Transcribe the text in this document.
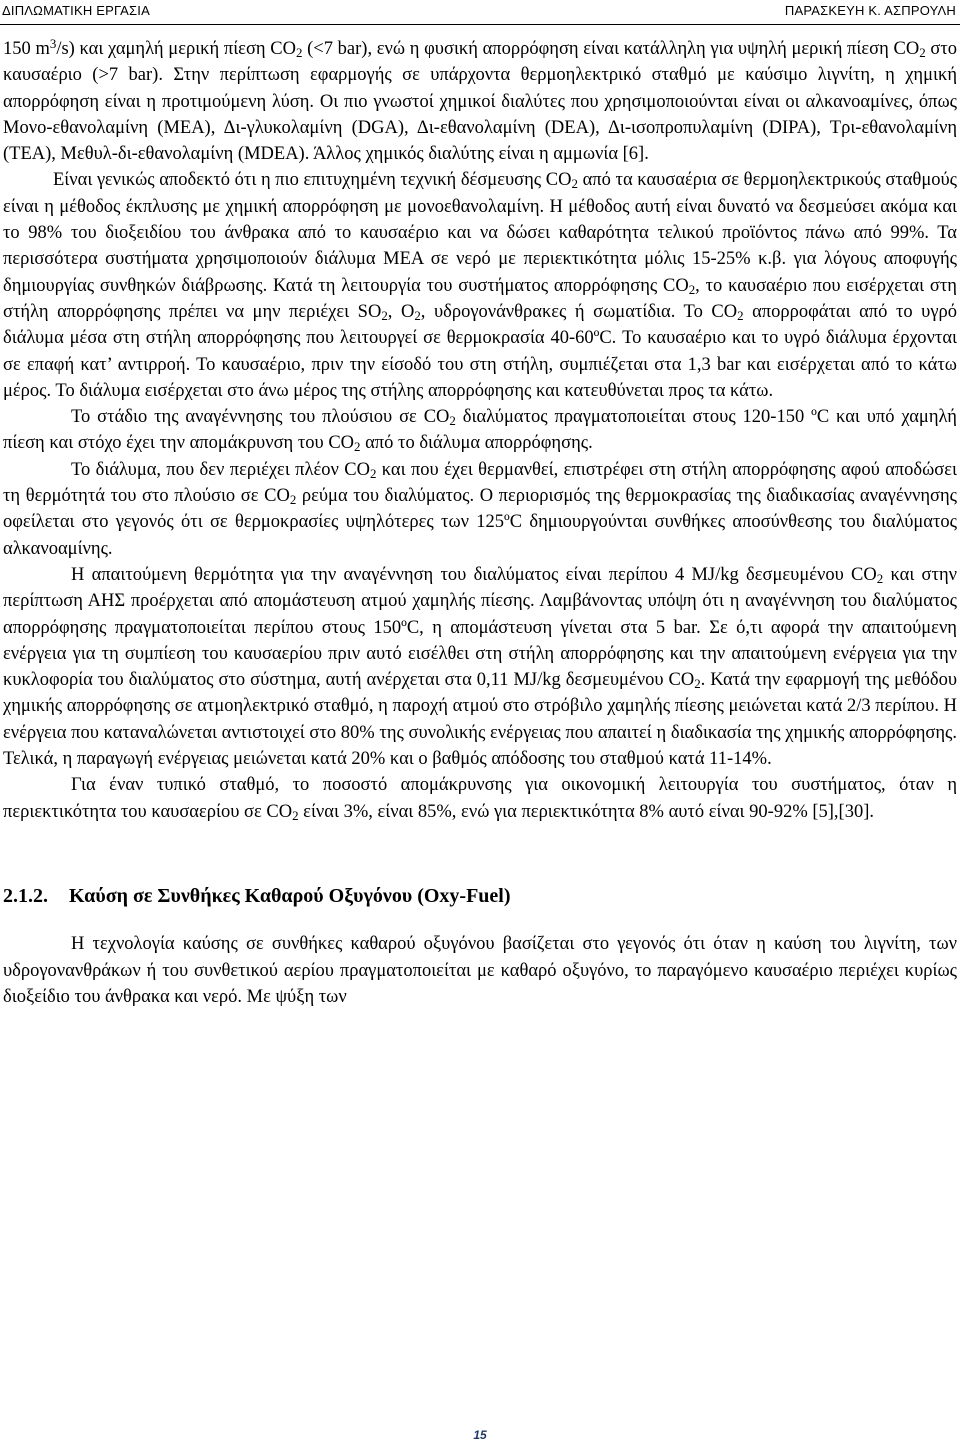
ΔΙΠΛΩΜΑΤΙΚΗ ΕΡΓΑΣΙΑ	ΠΑΡΑΣΚΕΥΗ Κ. ΑΣΠΡΟΥΛΗ

150 $m^3/s$) και χαμηλή μερική πίεση $CO_2$ (<7 bar), ενώ η φυσική απορρόφηση είναι κατάλληλη για υψηλή μερική πίεση $CO_2$ στο καυσαέριο (>7 bar). Στην περίπτωση εφαρμογής σε υπάρχοντα θερμοηλεκτρικό σταθμό με καύσιμο λιγνίτη, η χημική απορρόφηση είναι η προτιμούμενη λύση. Οι πιο γνωστοί χημικοί διαλύτες που χρησιμοποιούνται είναι οι αλκανοαμίνες, όπως Μονο-εθανολαμίνη (ΜΕΑ), Δι-γλυκολαμίνη (DGA), Δι-εθανολαμίνη (DEA), Δι-ισοπροπυλαμίνη (DIPA), Τρι-εθανολαμίνη (TEA), Μεθυλ-δι-εθανολαμίνη (MDEA). Άλλος χημικός διαλύτης είναι η αμμωνία [6].

Είναι γενικώς αποδεκτό ότι η πιο επιτυχημένη τεχνική δέσμευσης $CO_2$ από τα καυσαέρια σε θερμοηλεκτρικούς σταθμούς είναι η μέθοδος έκπλυσης με χημική απορρόφηση με μονοεθανολαμίνη. Η μέθοδος αυτή είναι δυνατό να δεσμεύσει ακόμα και το 98% του διοξειδίου του άνθρακα από το καυσαέριο και να δώσει καθαρότητα τελικού προϊόντος πάνω από 99%. Τα περισσότερα συστήματα χρησιμοποιούν διάλυμα ΜΕΑ σε νερό με περιεκτικότητα μόλις 15-25% κ.β. για λόγους αποφυγής δημιουργίας συνθηκών διάβρωσης. Κατά τη λειτουργία του συστήματος απορρόφησης $CO_2$, το καυσαέριο που εισέρχεται στη στήλη απορρόφησης πρέπει να μην περιέχει $SO_2$, $O_2$, υδρογονάνθρακες ή σωματίδια. Το $CO_2$ απορροφάται από το υγρό διάλυμα μέσα στη στήλη απορρόφησης που λειτουργεί σε θερμοκρασία 40-60ºC. Το καυσαέριο και το υγρό διάλυμα έρχονται σε επαφή κατ’ αντιρροή. Το καυσαέριο, πριν την είσοδό του στη στήλη, συμπιέζεται στα 1,3 bar και εισέρχεται από το κάτω μέρος. Το διάλυμα εισέρχεται στο άνω μέρος της στήλης απορρόφησης και κατευθύνεται προς τα κάτω.

Το στάδιο της αναγέννησης του πλούσιου σε $CO_2$ διαλύματος πραγματοποιείται στους 120-150 ºC και υπό χαμηλή πίεση και στόχο έχει την απομάκρυνση του $CO_2$ από το διάλυμα απορρόφησης.

Το διάλυμα, που δεν περιέχει πλέον $CO_2$ και που έχει θερμανθεί, επιστρέφει στη στήλη απορρόφησης αφού αποδώσει τη θερμότητά του στο πλούσιο σε $CO_2$ ρεύμα του διαλύματος. Ο περιορισμός της θερμοκρασίας της διαδικασίας αναγέννησης οφείλεται στο γεγονός ότι σε θερμοκρασίες υψηλότερες των 125ºC δημιουργούνται συνθήκες αποσύνθεσης του διαλύματος αλκανοαμίνης.

Η απαιτούμενη θερμότητα για την αναγέννηση του διαλύματος είναι περίπου 4 MJ/kg δεσμευμένου $CO_2$ και στην περίπτωση ΑΗΣ προέρχεται από απομάστευση ατμού χαμηλής πίεσης. Λαμβάνοντας υπόψη ότι η αναγέννηση του διαλύματος απορρόφησης πραγματοποιείται περίπου στους 150ºC, η απομάστευση γίνεται στα 5 bar. Σε ό,τι αφορά την απαιτούμενη ενέργεια για τη συμπίεση του καυσαερίου πριν αυτό εισέλθει στη στήλη απορρόφησης και την απαιτούμενη ενέργεια για την κυκλοφορία του διαλύματος στο σύστημα, αυτή ανέρχεται στα 0,11 MJ/kg δεσμευμένου $CO_2$. Κατά την εφαρμογή της μεθόδου χημικής απορρόφησης σε ατμοηλεκτρικό σταθμό, η παροχή ατμού στο στρόβιλο χαμηλής πίεσης μειώνεται κατά 2/3 περίπου. Η ενέργεια που καταναλώνεται αντιστοιχεί στο 80% της συνολικής ενέργειας που απαιτεί η διαδικασία της χημικής απορρόφησης. Τελικά, η παραγωγή ενέργειας μειώνεται κατά 20% και ο βαθμός απόδοσης του σταθμού κατά 11-14%.

Για έναν τυπικό σταθμό, το ποσοστό απομάκρυνσης για οικονομική λειτουργία του συστήματος, όταν η περιεκτικότητα του καυσαερίου σε $CO_2$ είναι 3%, είναι 85%, ενώ για περιεκτικότητα 8% αυτό είναι 90-92% [5],[30].

2.1.2. Καύση σε Συνθήκες Καθαρού Οξυγόνου (Oxy-Fuel)

Η τεχνολογία καύσης σε συνθήκες καθαρού οξυγόνου βασίζεται στο γεγονός ότι όταν η καύση του λιγνίτη, των υδρογονανθράκων ή του συνθετικού αερίου πραγματοποιείται με καθαρό οξυγόνο, το παραγόμενο καυσαέριο περιέχει κυρίως διοξείδιο του άνθρακα και νερό. Με ψύξη των

15
